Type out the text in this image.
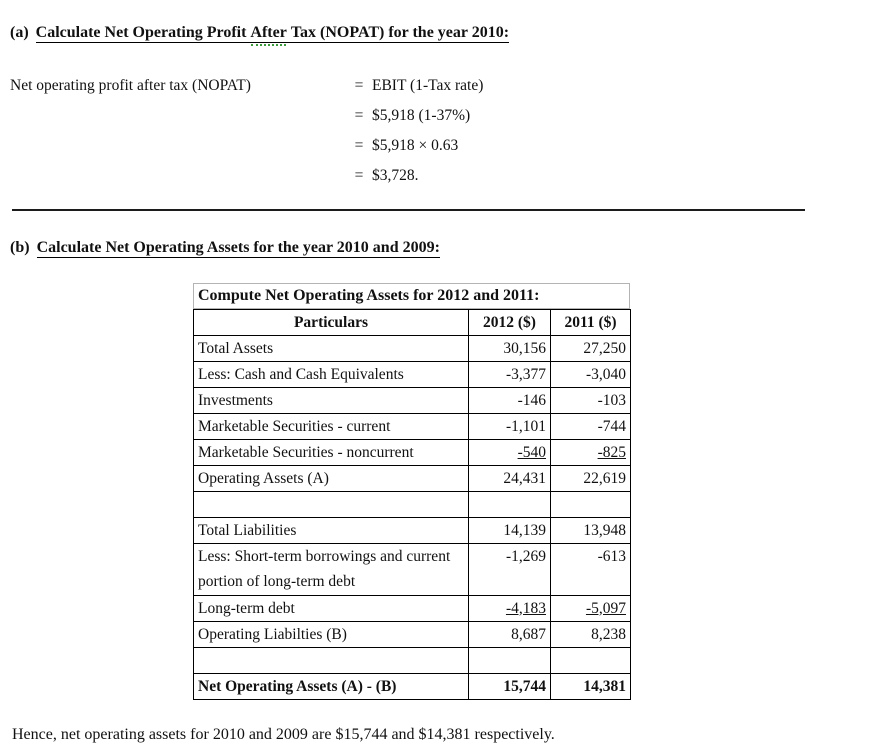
(a) Calculate Net Operating Profit After Tax (NOPAT) for the year 2010:
Net operating profit after tax (NOPAT)	= EBIT (1-Tax rate)
= $5,918 (1-37%)
= $5,918 × 0.63
= $3,728.
(b) Calculate Net Operating Assets for the year 2010 and 2009:
Compute Net Operating Assets for 2012 and 2011:
Particulars	2012 ($)	2011 ($)
Total Assets	30,156	27,250
Less: Cash and Cash Equivalents	-3,377	-3,040
Investments	-146	-103
Marketable Securities - current	-1,101	-744
Marketable Securities - noncurrent	-540	-825
Operating Assets (A)	24,431	22,619

Total Liabilities	14,139	13,948
Less: Short-term borrowings and current portion of long-term debt	-1,269	-613
Long-term debt	-4,183	-5,097
Operating Liabilties (B)	8,687	8,238

Net Operating Assets (A) - (B)	15,744	14,381
Hence, net operating assets for 2010 and 2009 are $15,744 and $14,381 respectively.
